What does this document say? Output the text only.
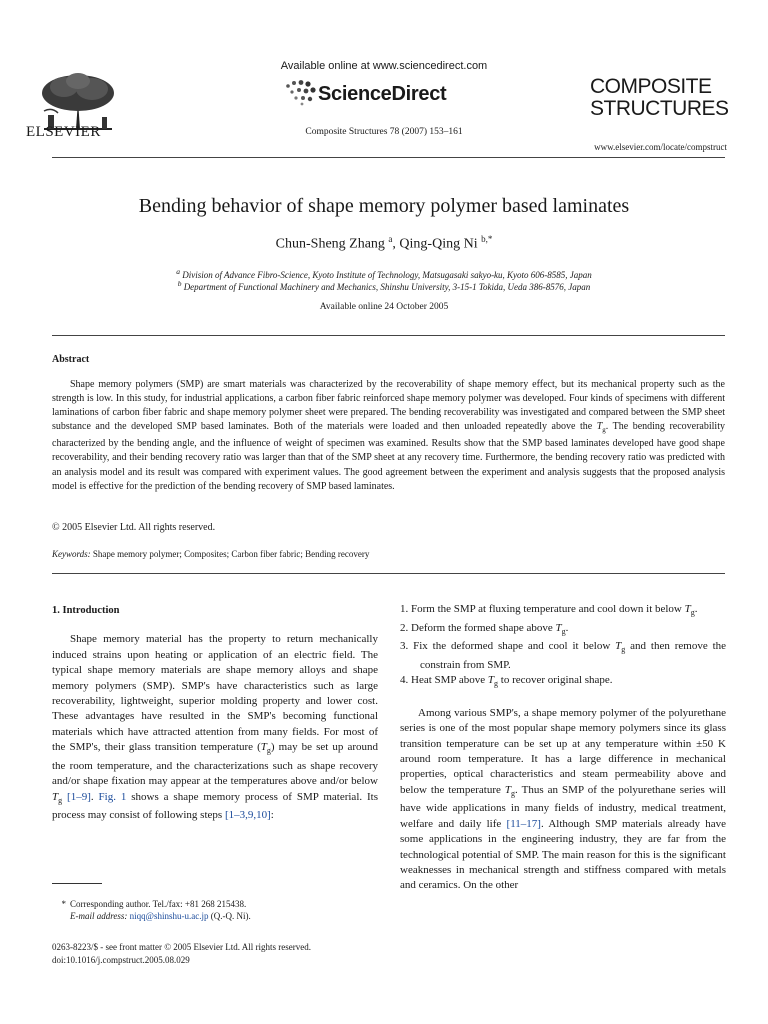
ELSEVIER
Available online at www.sciencedirect.com
ScienceDirect
Composite Structures 78 (2007) 153–161
COMPOSITE
STRUCTURES
www.elsevier.com/locate/compstruct
Bending behavior of shape memory polymer based laminates
Chun-Sheng Zhang $^a$, Qing-Qing Ni $^{b,*}$
$^a$ Division of Advance Fibro-Science, Kyoto Institute of Technology, Matsugasaki sakyo-ku, Kyoto 606-8585, Japan
$^b$ Department of Functional Machinery and Mechanics, Shinshu University, 3-15-1 Tokida, Ueda 386-8576, Japan
Available online 24 October 2005
Abstract
Shape memory polymers (SMP) are smart materials was characterized by the recoverability of shape memory effect, but its mechanical property such as the strength is low. In this study, for industrial applications, a carbon fiber fabric reinforced shape memory polymer was developed. Four kinds of specimens with different laminations of carbon fiber fabric and shape memory polymer sheet were prepared. The bending recoverability was investigated and compared between the SMP sheet substance and the developed SMP based laminates. Both of the materials were loaded and then unloaded repeatedly above the $T_g$. The bending recoverability characterized by the bending angle, and the influence of weight of specimen was examined. Results show that the SMP based laminates developed have good shape recoverability, and their bending recovery ratio was larger than that of the SMP sheet at any recovery time. Furthermore, the bending recovery ratio was predicted with an analysis model and its result was compared with experiment values. The good agreement between the experiment and analysis suggests that the proposed analysis model is effective for the prediction of the bending recovery of SMP based laminates.
© 2005 Elsevier Ltd. All rights reserved.
Keywords: Shape memory polymer; Composites; Carbon fiber fabric; Bending recovery
1. Introduction

Shape memory material has the property to return mechanically induced strains upon heating or application of an electric field. The typical shape memory materials are shape memory alloys and shape memory polymers (SMP). SMP's have characteristics such as large recoverability, lightweight, superior molding property and lower cost. These advantages have resulted in the SMP's becoming functional materials which have attracted attention from many fields. For most of the SMP's, their glass transition temperature $(T_g)$ may be set up around the room temperature, and the characterizations such as shape recovery and/or shape fixation may appear at the temperatures above and/or below $T_g$ [1–9]. Fig. 1 shows a shape memory process of SMP material. Its process may consist of following steps [1–3,9,10]:

* Corresponding author. Tel./fax: +81 268 215438.
E-mail address: niqq@shinshu-u.ac.jp (Q.-Q. Ni).
0263-8223/$ - see front matter © 2005 Elsevier Ltd. All rights reserved.
doi:10.1016/j.compstruct.2005.08.029
1. Form the SMP at fluxing temperature and cool down it below $T_g$.
2. Deform the formed shape above $T_g$.
3. Fix the deformed shape and cool it below $T_g$ and then remove the constrain from SMP.
4. Heat SMP above $T_g$ to recover original shape.

Among various SMP's, a shape memory polymer of the polyurethane series is one of the most popular shape memory polymers since its glass transition temperature can be set up at any temperature within ±50 K around room temperature. It has a large difference in mechanical properties, optical characteristics and steam permeability above and below the temperature $T_g$. Thus an SMP of the polyurethane series will have wide applications in many fields of industry, medical treatment, welfare and daily life [11–17]. Although SMP materials already have some applications in the engineering industry, they are far from the technological potential of SMP. The main reason for this is the significant weaknesses in mechanical strength and stiffness compared with metals and ceramics. On the other
